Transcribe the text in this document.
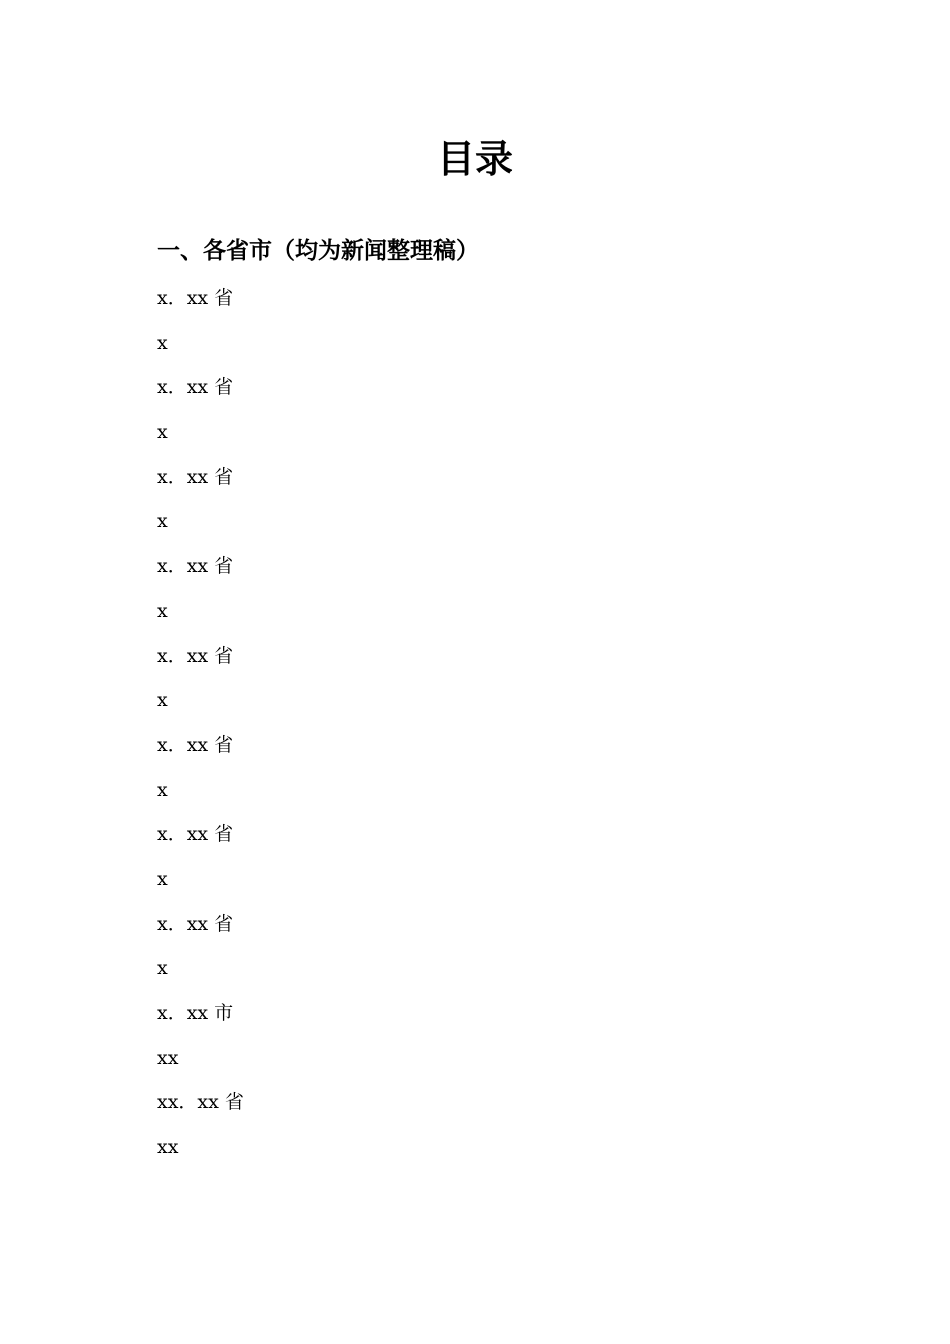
目录
一、各省市（均为新闻整理稿）
x．xx 省
x
x．xx 省
x
x．xx 省
x
x．xx 省
x
x．xx 省
x
x．xx 省
x
x．xx 省
x
x．xx 省
x
x．xx 市
xx
xx．xx 省
xx
